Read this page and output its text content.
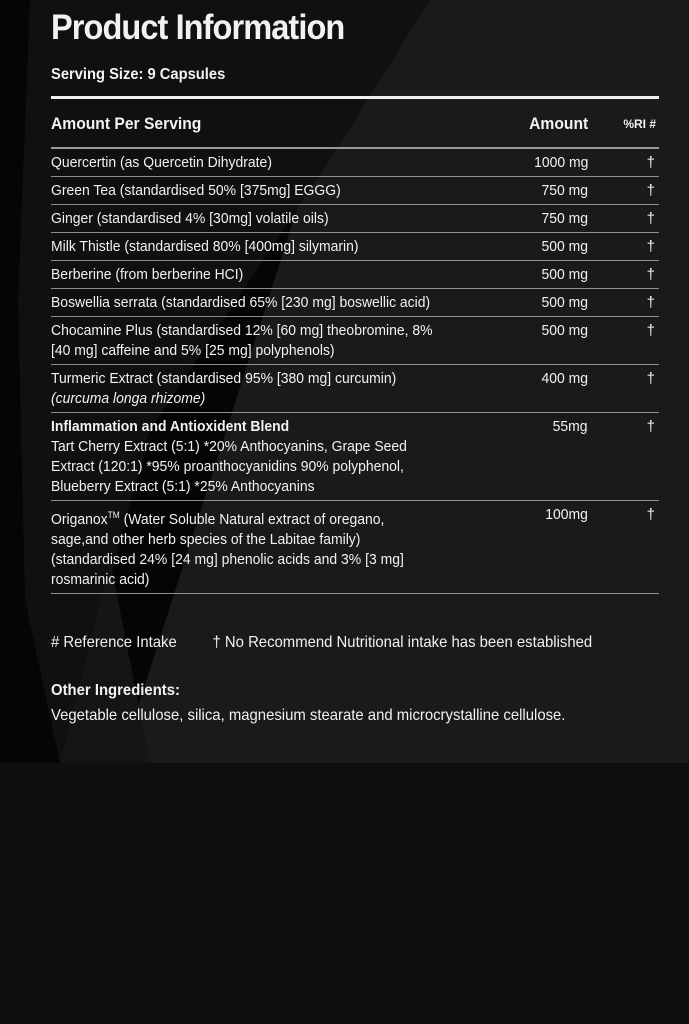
Product Information
Serving Size: 9 Capsules
Amount Per Serving	Amount	%RI #
Quercertin (as Quercetin Dihydrate)	1000 mg	†
Green Tea (standardised 50% [375mg] EGGG)	750 mg	†
Ginger (standardised 4% [30mg] volatile oils)	750 mg	†
Milk Thistle (standardised 80% [400mg] silymarin)	500 mg	†
Berberine (from berberine HCI)	500 mg	†
Boswellia serrata (standardised 65% [230 mg] boswellic acid)	500 mg	†
Chocamine Plus (standardised 12% [60 mg] theobromine, 8%
[40 mg] caffeine and 5% [25 mg] polyphenols)
500 mg	†
Turmeric Extract (standardised 95% [380 mg] curcumin)
(curcuma longa rhizome)
400 mg	†
Inflammation and Antioxident Blend
Tart Cherry Extract (5:1) *20% Anthocyanins, Grape Seed
Extract (120:1) *95% proanthocyanidins 90% polyphenol,
Blueberry Extract (5:1) *25% Anthocyanins
55mg	†
Origanox™ (Water Soluble Natural extract of oregano,
sage,and other herb species of the Labitae family)
(standardised 24% [24 mg] phenolic acids and 3% [3 mg]
rosmarinic acid)
100mg	†
# Reference Intake † No Recommend Nutritional intake has been established
Other Ingredients:
Vegetable cellulose, silica, magnesium stearate and microcrystalline cellulose.
